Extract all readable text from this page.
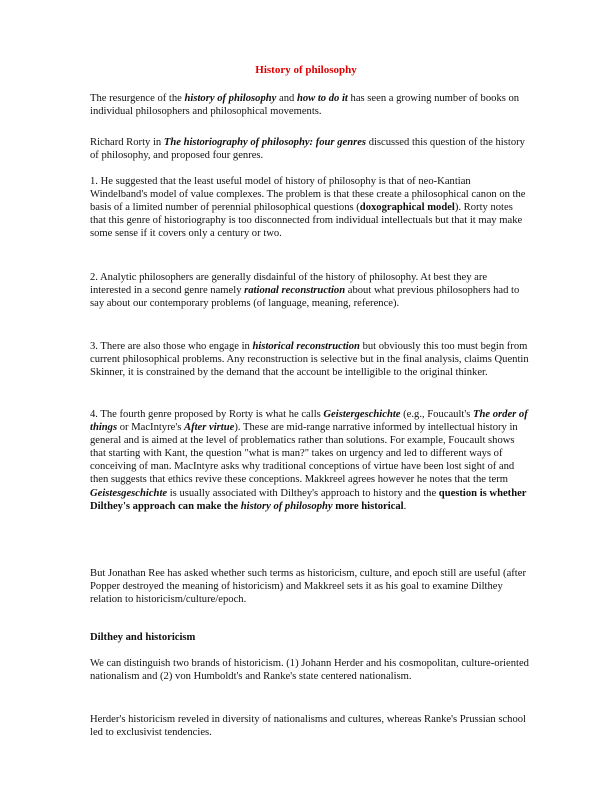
History of philosophy

The resurgence of the history of philosophy and how to do it has seen a growing number of books on individual philosophers and philosophical movements.

Richard Rorty in The historiography of philosophy: four genres discussed this question of the history of philosophy, and proposed four genres.

1. He suggested that the least useful model of history of philosophy is that of neo-Kantian Windelband's model of value complexes. The problem is that these create a philosophical canon on the basis of a limited number of perennial philosophical questions (doxographical model). Rorty notes that this genre of historiography is too disconnected from individual intellectuals but that it may make some sense if it covers only a century or two.

2. Analytic philosophers are generally disdainful of the history of philosophy. At best they are interested in a second genre namely rational reconstruction about what previous philosophers had to say about our contemporary problems (of language, meaning, reference).

3. There are also those who engage in historical reconstruction but obviously this too must begin from current philosophical problems. Any reconstruction is selective but in the final analysis, claims Quentin Skinner, it is constrained by the demand that the account be intelligible to the original thinker.

4. The fourth genre proposed by Rorty is what he calls Geistergeschichte (e.g., Foucault's The order of things or MacIntyre's After virtue). These are mid-range narrative informed by intellectual history in general and is aimed at the level of problematics rather than solutions. For example, Foucault shows that starting with Kant, the question "what is man?" takes on urgency and led to different ways of conceiving of man. MacIntyre asks why traditional conceptions of virtue have been lost sight of and then suggests that ethics revive these conceptions. Makkreel agrees however he notes that the term Geistesgeschichte is usually associated with Dilthey's approach to history and the question is whether Dilthey's approach can make the history of philosophy more historical.

But Jonathan Ree has asked whether such terms as historicism, culture, and epoch still are useful (after Popper destroyed the meaning of historicism) and Makkreel sets it as his goal to examine Dilthey relation to historicism/culture/epoch.

Dilthey and historicism

We can distinguish two brands of historicism. (1) Johann Herder and his cosmopolitan, culture-oriented nationalism and (2) von Humboldt's and Ranke's state centered nationalism.

Herder's historicism reveled in diversity of nationalisms and cultures, whereas Ranke's Prussian school led to exclusivist tendencies.
